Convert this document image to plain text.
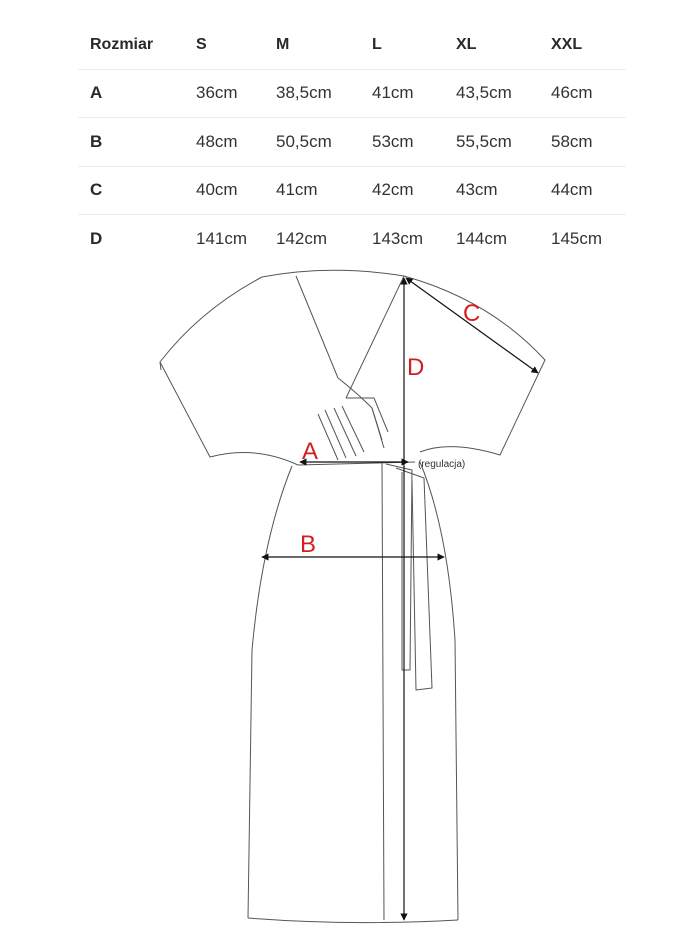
Rozmiar	S	M	L	XL	XXL
A	36cm	38,5cm	41cm	43,5cm	46cm
B	48cm	50,5cm	53cm	55,5cm	58cm
C	40cm	41cm	42cm	43cm	44cm
D	141cm	142cm	143cm	144cm	145cm
A
B
C
D
(regulacja)
